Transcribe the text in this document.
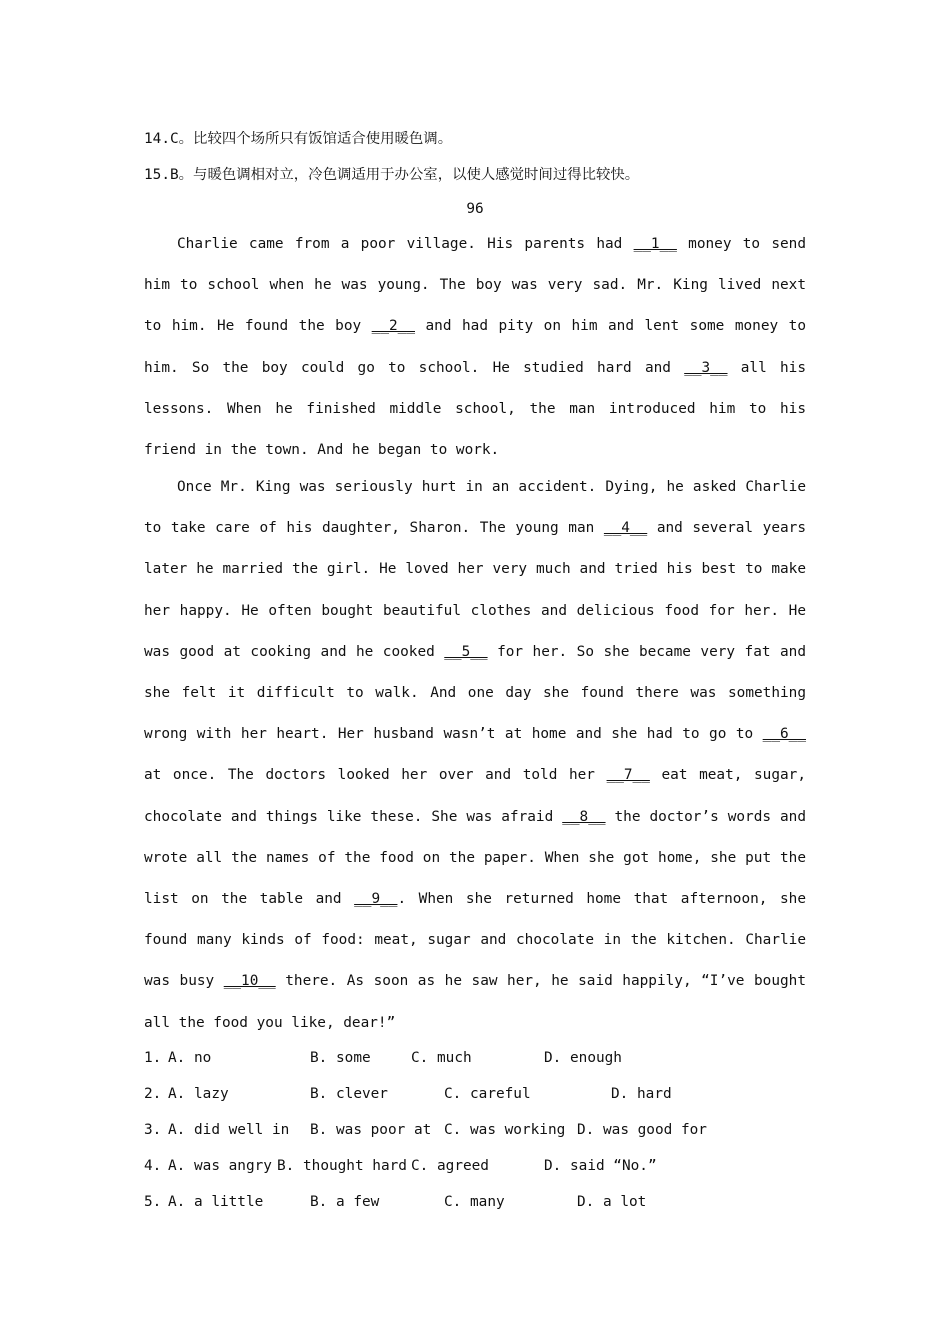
14.C。比较四个场所只有饭馆适合使用暖色调。
15.B。与暖色调相对立，冷色调适用于办公室，以使人感觉时间过得比较快。
96
Charlie came from a poor village. His parents had __1__ money to send him to school when he was young. The boy was very sad. Mr. King lived next to him. He found the boy __2__ and had pity on him and lent some money to him. So the boy could go to school. He studied hard and __3__ all his lessons. When he finished middle school, the man introduced him to his friend in the town. And he began to work.
Once Mr. King was seriously hurt in an accident. Dying, he asked Charlie to take care of his daughter, Sharon. The young man __4__ and several years later he married the girl. He loved her very much and tried his best to make her happy. He often bought beautiful clothes and delicious food for her. He was good at cooking and he cooked __5__ for her. So she became very fat and she felt it difficult to walk. And one day she found there was something wrong with her heart. Her husband wasn’t at home and she had to go to __6__ at once. The doctors looked her over and told her __7__ eat meat, sugar, chocolate and things like these. She was afraid __8__ the doctor’s words and wrote all the names of the food on the paper. When she got home, she put the list on the table and __9__. When she returned home that afternoon, she found many kinds of food: meat, sugar and chocolate in the kitchen. Charlie was busy __10__ there. As soon as he saw her, he said happily, “I’ve bought all the food you like, dear!”
1. A. no	B. some	C. much	D. enough
2. A. lazy	B. clever	C. careful	D. hard
3. A. did well in B. was poor at C. was working D. was good for
4. A. was angry B. thought hard C. agreed	D. said “No.”
5. A. a little	B. a few	C. many	D. a lot
